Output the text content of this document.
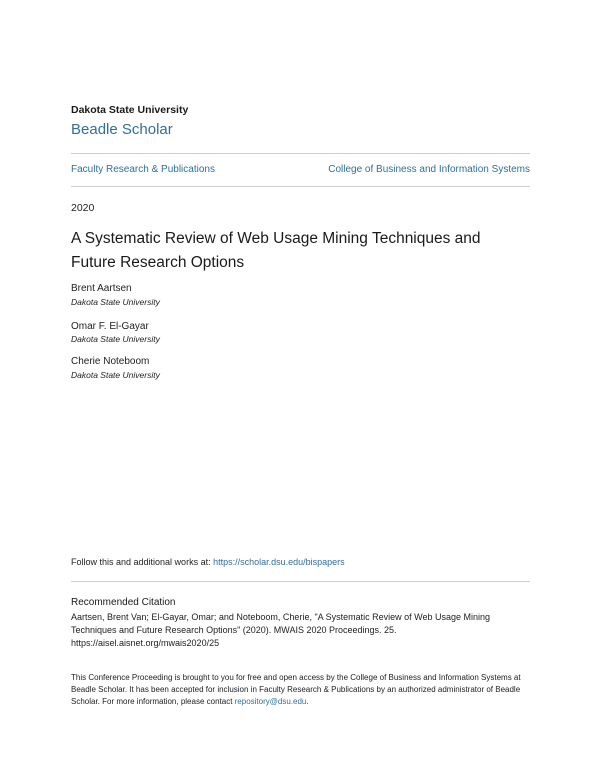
Dakota State University
Beadle Scholar
Faculty Research & Publications	College of Business and Information Systems
2020
A Systematic Review of Web Usage Mining Techniques and Future Research Options
Brent Aartsen
Dakota State University
Omar F. El-Gayar
Dakota State University
Cherie Noteboom
Dakota State University
Follow this and additional works at: https://scholar.dsu.edu/bispapers
Recommended Citation
Aartsen, Brent Van; El-Gayar, Omar; and Noteboom, Cherie, "A Systematic Review of Web Usage Mining Techniques and Future Research Options" (2020). MWAIS 2020 Proceedings. 25. https://aisel.aisnet.org/mwais2020/25
This Conference Proceeding is brought to you for free and open access by the College of Business and Information Systems at Beadle Scholar. It has been accepted for inclusion in Faculty Research & Publications by an authorized administrator of Beadle Scholar. For more information, please contact repository@dsu.edu.
